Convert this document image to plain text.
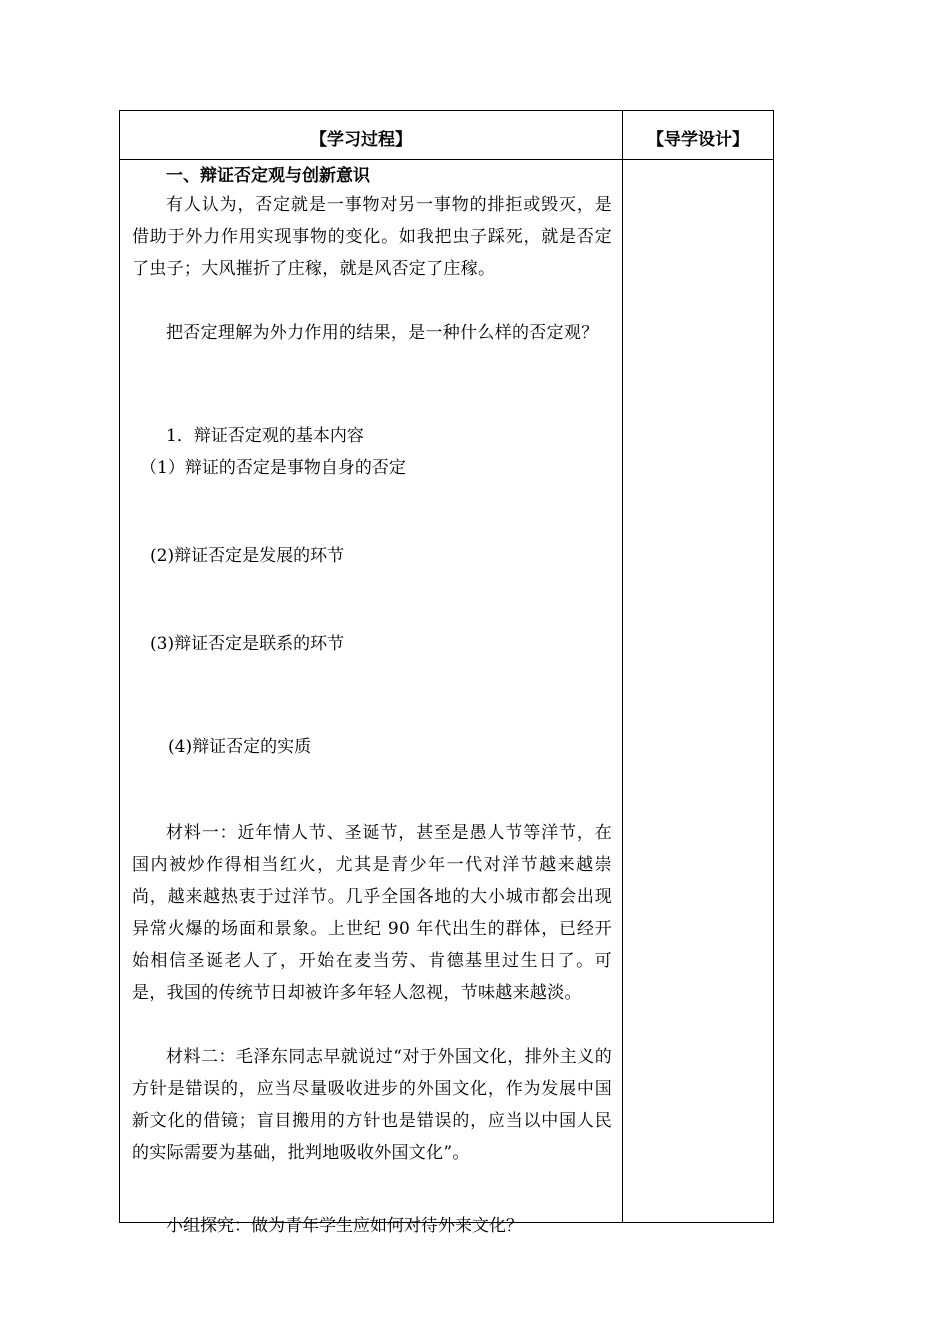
【学习过程】	【导学设计】
一、辩证否定观与创新意识
有人认为，否定就是一事物对另一事物的排拒或毁灭，是借助于外力作用实现事物的变化。如我把虫子踩死，就是否定了虫子；大风摧折了庄稼，就是风否定了庄稼。
把否定理解为外力作用的结果，是一种什么样的否定观？
1．辩证否定观的基本内容
（1）辩证的否定是事物自身的否定
(2)辩证否定是发展的环节
(3)辩证否定是联系的环节
(4)辩证否定的实质
材料一：近年情人节、圣诞节，甚至是愚人节等洋节，在国内被炒作得相当红火，尤其是青少年一代对洋节越来越崇尚，越来越热衷于过洋节。几乎全国各地的大小城市都会出现异常火爆的场面和景象。上世纪 90 年代出生的群体，已经开始相信圣诞老人了，开始在麦当劳、肯德基里过生日了。可是，我国的传统节日却被许多年轻人忽视，节味越来越淡。
材料二：毛泽东同志早就说过“对于外国文化，排外主义的方针是错误的，应当尽量吸收进步的外国文化，作为发展中国新文化的借镜；盲目搬用的方针也是错误的，应当以中国人民的实际需要为基础，批判地吸收外国文化”。
小组探究：做为青年学生应如何对待外来文化？
